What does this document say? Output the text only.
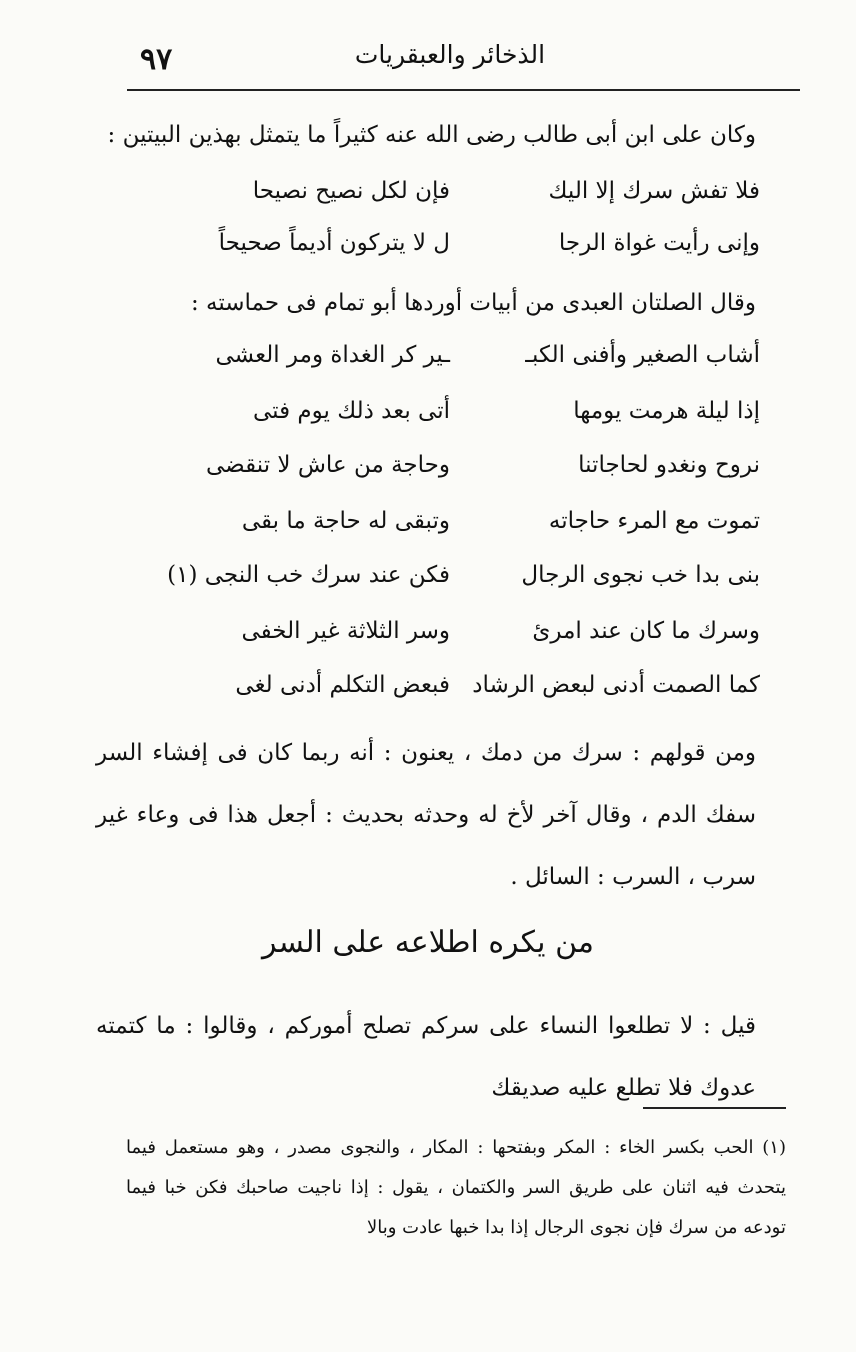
٩٧	الذخائر والعبقريات
وكان على ابن أبى طالب رضى الله عنه كثيراً ما يتمثل بهذين البيتين :
فلا تفش سرك إلا اليك
فإن لكل نصيح نصيحا
وإنى رأيت غواة الرجا
ل لا يتركون أديماً صحيحاً
وقال الصلتان العبدى من أبيات أوردها أبو تمام فى حماسته :
أشاب الصغير وأفنى الكبـ
ـير كر الغداة ومر العشى
إذا ليلة هرمت يومها
أتى بعد ذلك يوم فتى
نروح ونغدو لحاجاتنا
وحاجة من عاش لا تنقضى
تموت مع المرء حاجاته
وتبقى له حاجة ما بقى
بنى بدا خب نجوى الرجال
فكن عند سرك خب النجى (١)
وسرك ما كان عند امرئ
وسر الثلاثة غير الخفى
كما الصمت أدنى لبعض الرشاد
فبعض التكلم أدنى لغى
ومن قولهم : سرك من دمك ، يعنون : أنه ربما كان فى إفشاء السر سفك الدم ، وقال آخر لأخ له وحدثه بحديث : أجعل هذا فى وعاء غير سرب ، السرب : السائل .
من يكره اطلاعه على السر
قيل : لا تطلعوا النساء على سركم تصلح أموركم ، وقالوا : ما كتمته عدوك فلا تطلع عليه صديقك
(١) الحب بكسر الخاء : المكر وبفتحها : المكار ، والنجوى مصدر ، وهو مستعمل فيما يتحدث فيه اثنان على طريق السر والكتمان ، يقول : إذا ناجيت صاحبك فكن خبا فيما تودعه من سرك فإن نجوى الرجال إذا بدا خبها عادت وبالا
